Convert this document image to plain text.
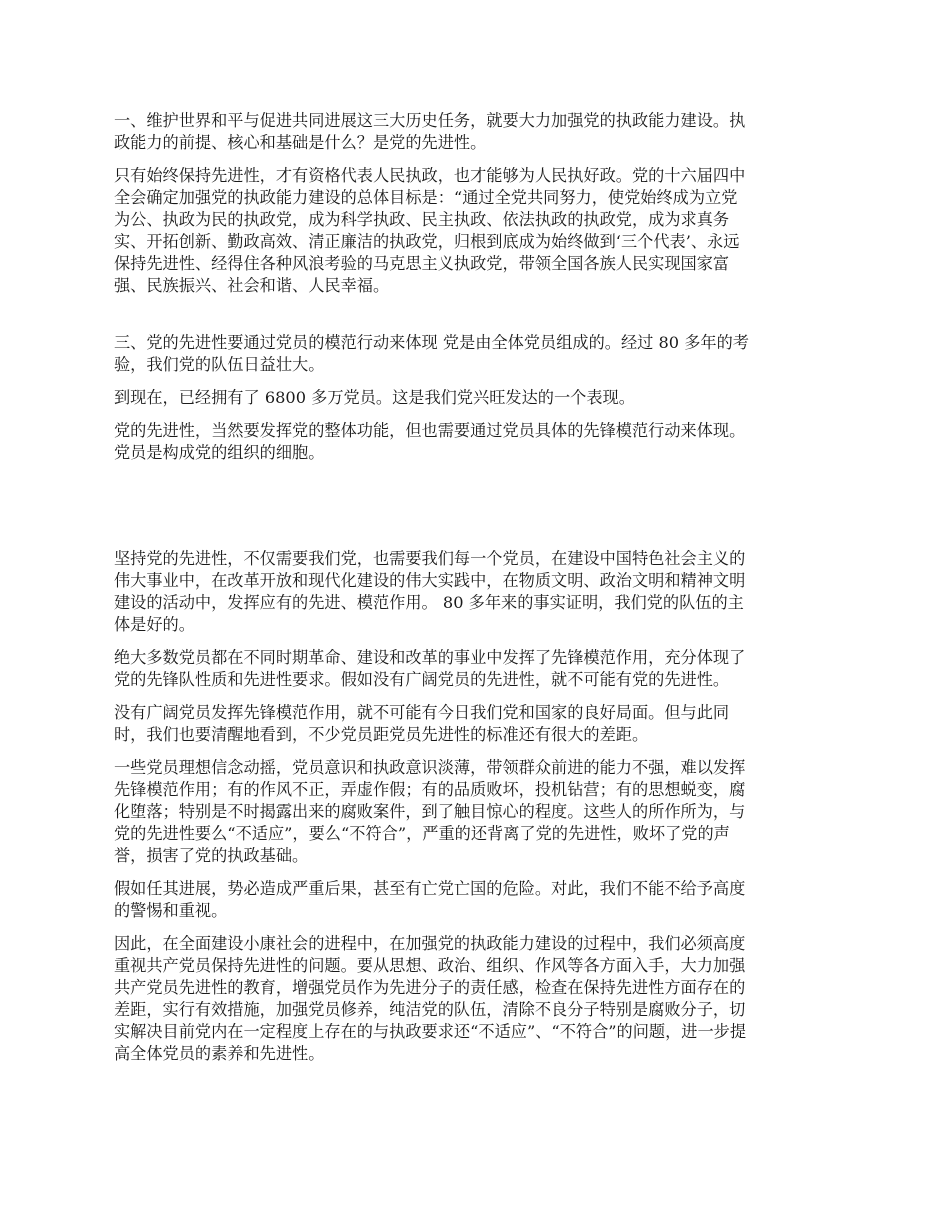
一、维护世界和平与促进共同进展这三大历史任务，就要大力加强党的执政能力建设。执
政能力的前提、核心和基础是什么？是党的先进性。

只有始终保持先进性，才有资格代表人民执政，也才能够为人民执好政。党的十六届四中
全会确定加强党的执政能力建设的总体目标是：“通过全党共同努力，使党始终成为立党
为公、执政为民的执政党，成为科学执政、民主执政、依法执政的执政党，成为求真务
实、开拓创新、勤政高效、清正廉洁的执政党，归根到底成为始终做到‘三个代表’、永远
保持先进性、经得住各种风浪考验的马克思主义执政党，带领全国各族人民实现国家富
强、民族振兴、社会和谐、人民幸福。

三、党的先进性要通过党员的模范行动来体现 党是由全体党员组成的。经过 80 多年的考
验，我们党的队伍日益壮大。

到现在，已经拥有了 6800 多万党员。这是我们党兴旺发达的一个表现。

党的先进性，当然要发挥党的整体功能，但也需要通过党员具体的先锋模范行动来体现。
党员是构成党的组织的细胞。

坚持党的先进性，不仅需要我们党，也需要我们每一个党员，在建设中国特色社会主义的
伟大事业中，在改革开放和现代化建设的伟大实践中，在物质文明、政治文明和精神文明
建设的活动中，发挥应有的先进、模范作用。 80 多年来的事实证明，我们党的队伍的主
体是好的。

绝大多数党员都在不同时期革命、建设和改革的事业中发挥了先锋模范作用，充分体现了
党的先锋队性质和先进性要求。假如没有广阔党员的先进性，就不可能有党的先进性。

没有广阔党员发挥先锋模范作用，就不可能有今日我们党和国家的良好局面。但与此同
时，我们也要清醒地看到，不少党员距党员先进性的标准还有很大的差距。

一些党员理想信念动摇，党员意识和执政意识淡薄，带领群众前进的能力不强，难以发挥
先锋模范作用；有的作风不正，弄虚作假；有的品质败坏，投机钻营；有的思想蜕变，腐
化堕落；特别是不时揭露出来的腐败案件，到了触目惊心的程度。这些人的所作所为，与
党的先进性要么“不适应”，要么“不符合”，严重的还背离了党的先进性，败坏了党的声
誉，损害了党的执政基础。

假如任其进展，势必造成严重后果，甚至有亡党亡国的危险。对此，我们不能不给予高度
的警惕和重视。

因此，在全面建设小康社会的进程中，在加强党的执政能力建设的过程中，我们必须高度
重视共产党员保持先进性的问题。要从思想、政治、组织、作风等各方面入手，大力加强
共产党员先进性的教育，增强党员作为先进分子的责任感，检查在保持先进性方面存在的
差距，实行有效措施，加强党员修养，纯洁党的队伍，清除不良分子特别是腐败分子，切
实解决目前党内在一定程度上存在的与执政要求还“不适应”、“不符合”的问题，进一步提
高全体党员的素养和先进性。
